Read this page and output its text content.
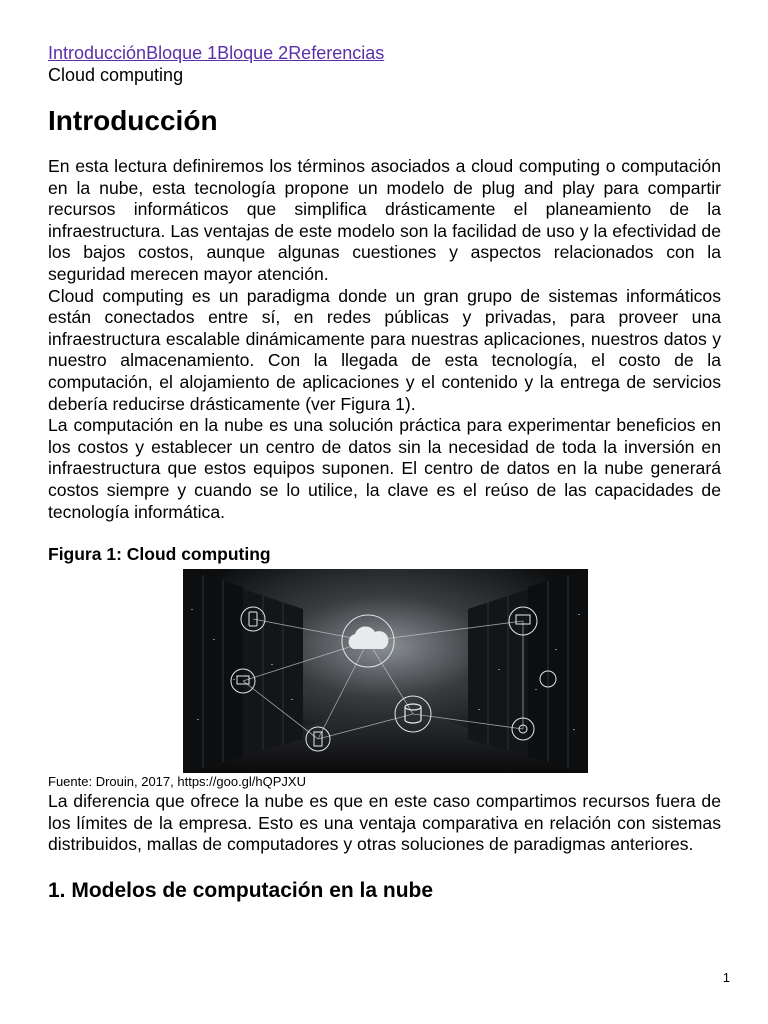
IntroducciónBloque 1Bloque 2Referencias
Cloud computing
Introducción

En esta lectura definiremos los términos asociados a cloud computing o computación en la nube, esta tecnología propone un modelo de plug and play para compartir recursos informáticos que simplifica drásticamente el planeamiento de la infraestructura. Las ventajas de este modelo son la facilidad de uso y la efectividad de los bajos costos, aunque algunas cuestiones y aspectos relacionados con la seguridad merecen mayor atención.

Cloud computing es un paradigma donde un gran grupo de sistemas informáticos están conectados entre sí, en redes públicas y privadas, para proveer una infraestructura escalable dinámicamente para nuestras aplicaciones, nuestros datos y nuestro almacenamiento. Con la llegada de esta tecnología, el costo de la computación, el alojamiento de aplicaciones y el contenido y la entrega de servicios debería reducirse drásticamente (ver Figura 1).

La computación en la nube es una solución práctica para experimentar beneficios en los costos y establecer un centro de datos sin la necesidad de toda la inversión en infraestructura que estos equipos suponen. El centro de datos en la nube generará costos siempre y cuando se lo utilice, la clave es el reúso de las capacidades de tecnología informática.

Figura 1: Cloud computing
Fuente: Drouin, 2017, https://goo.gl/hQPJXU

La diferencia que ofrece la nube es que en este caso compartimos recursos fuera de los límites de la empresa. Esto es una ventaja comparativa en relación con sistemas distribuidos, mallas de computadores y otras soluciones de paradigmas anteriores.

1. Modelos de computación en la nube
1
